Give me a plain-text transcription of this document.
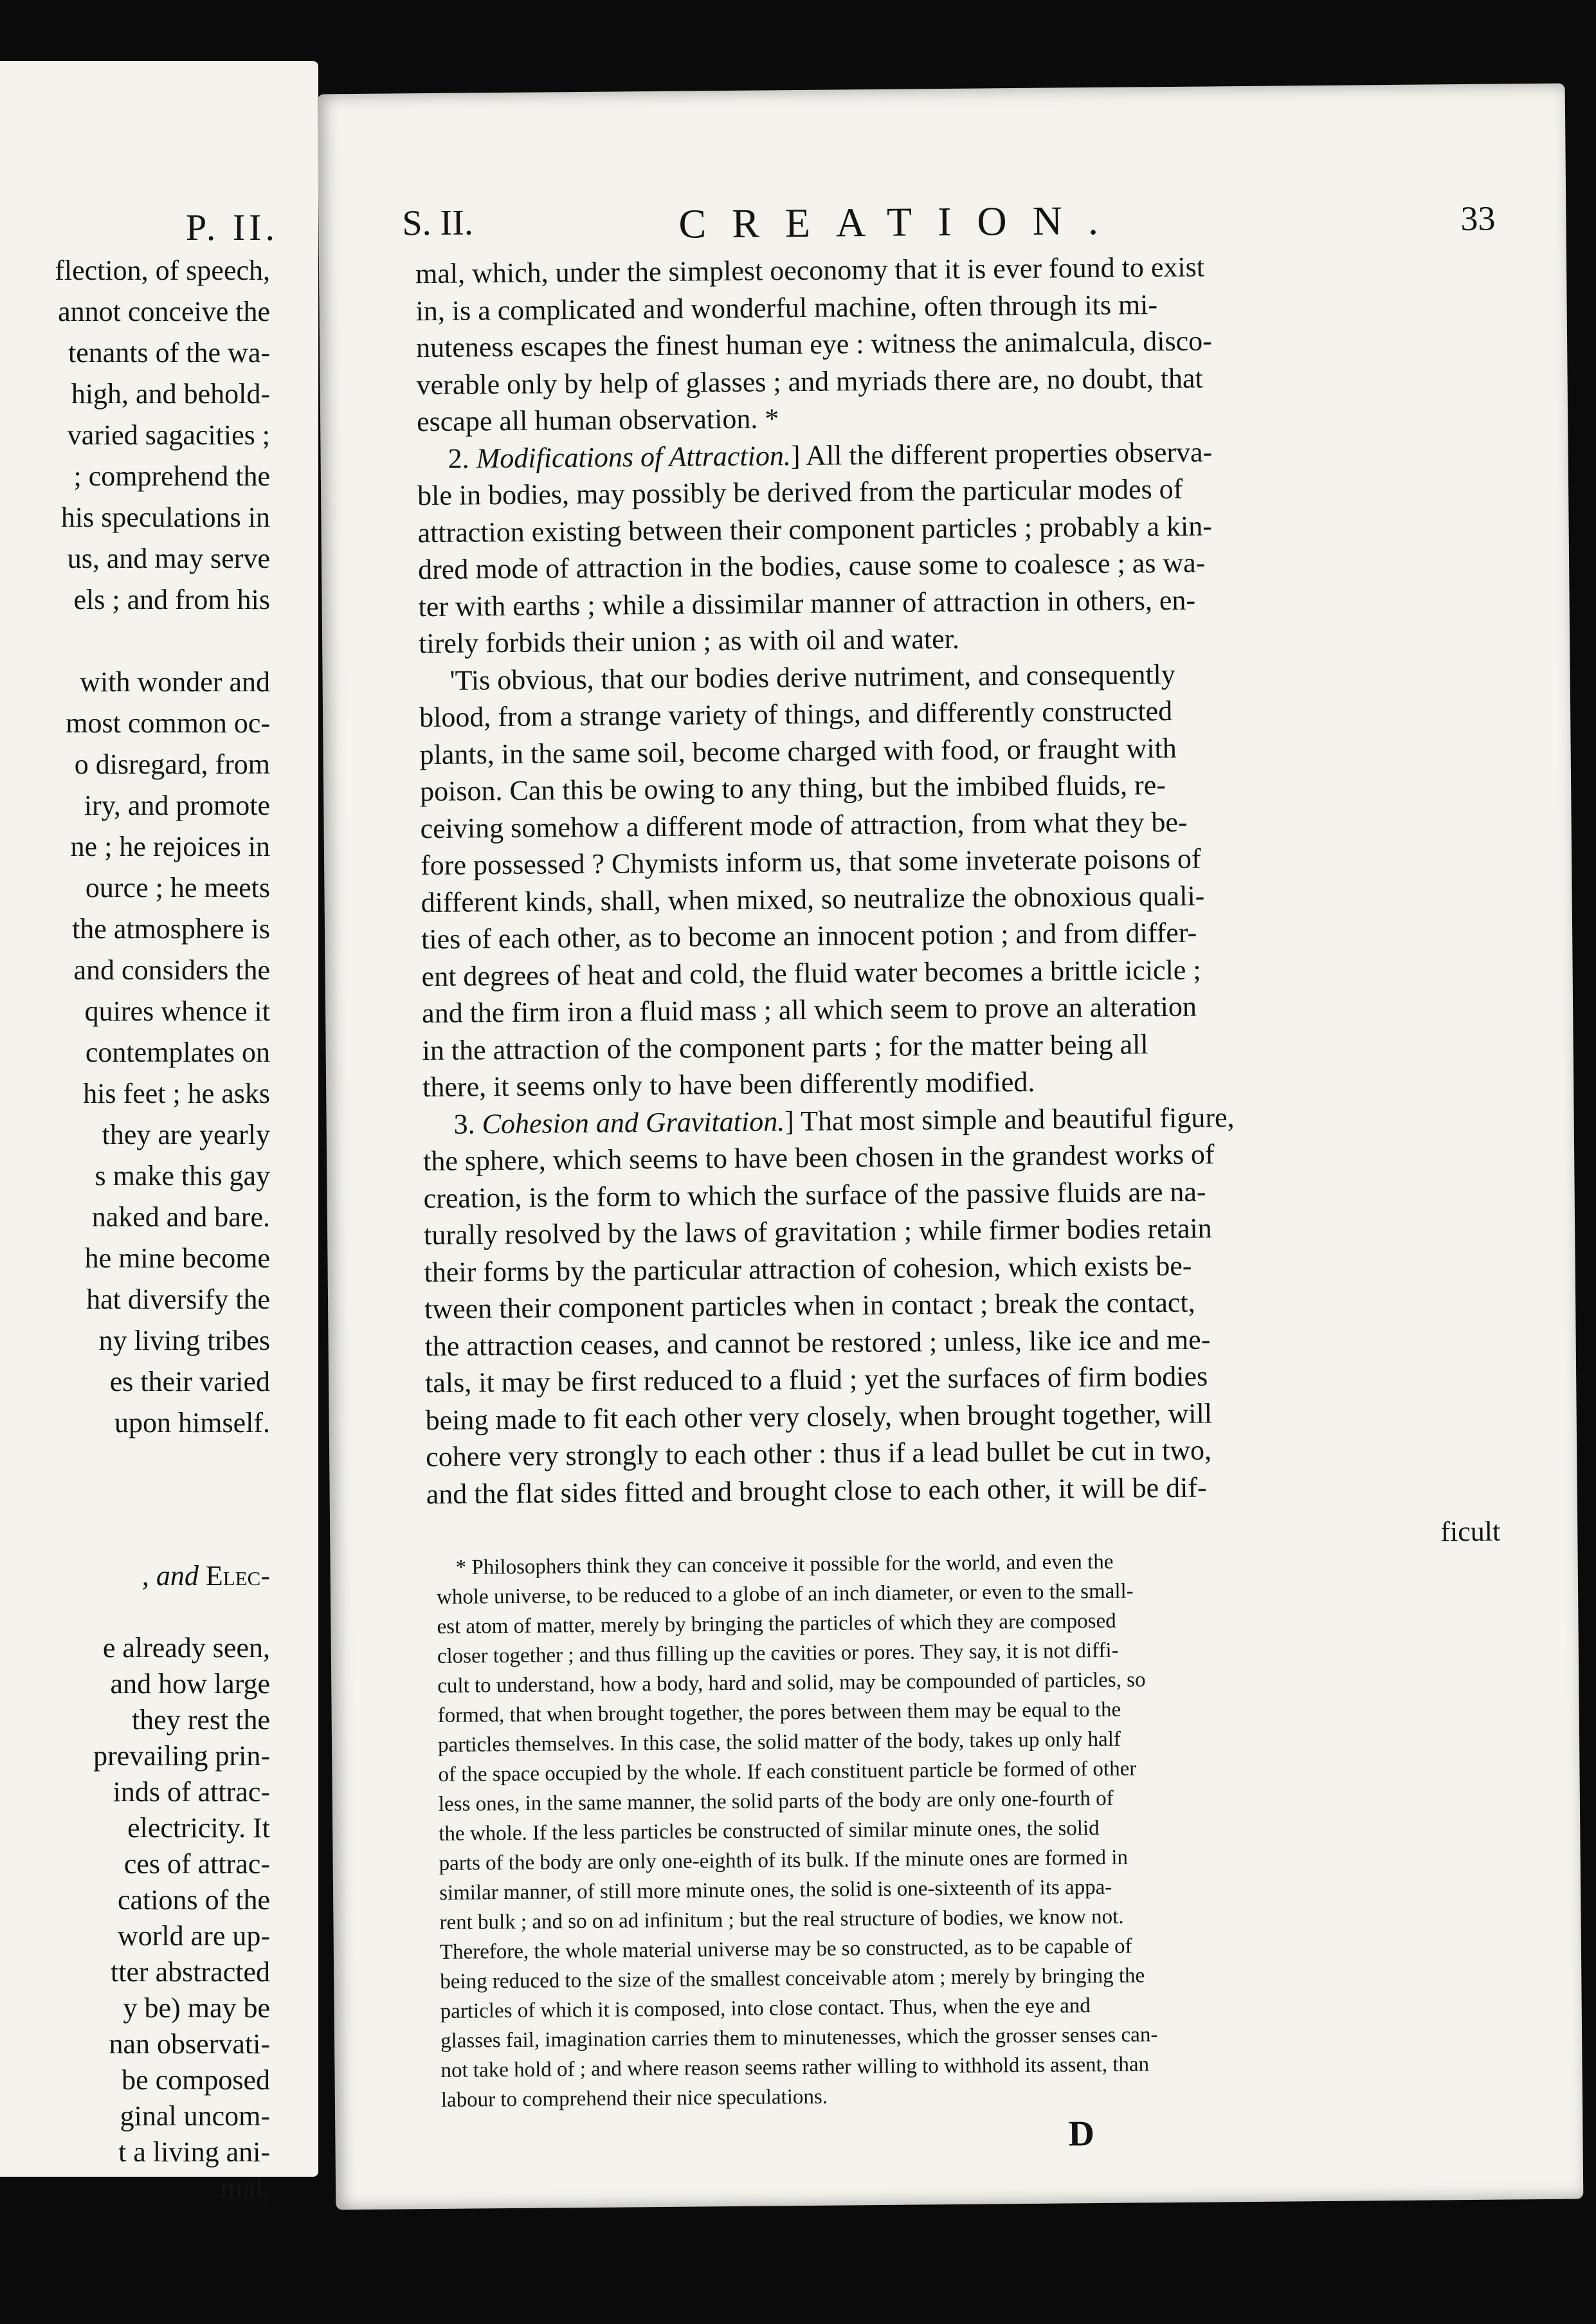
P. II.
flection, of speech,
annot conceive the
tenants of the wa-
high, and behold-
varied sagacities ;
; comprehend the
his speculations in
us, and may serve
els ; and from his
with wonder and
most common oc-
o disregard, from
iry, and promote
ne ; he rejoices in
ource ; he meets
the atmosphere is
and considers the
quires whence it
contemplates on
his feet ; he asks
they are yearly
s make this gay
naked and bare.
he mine become
hat diversify the
ny living tribes
es their varied
upon himself.
, and Elec-
e already seen,
and how large
they rest the
prevailing prin-
inds of attrac-
electricity. It
ces of attrac-
cations of the
world are up-
tter abstracted
y be) may be
nan observati-
be composed
ginal uncom-
t a living ani-
mal,
S. II.	CREATION.	33
mal, which, under the simplest oeconomy that it is ever found to exist
in, is a complicated and wonderful machine, often through its mi-
nuteness escapes the finest human eye : witness the animalcula, disco-
verable only by help of glasses ; and myriads there are, no doubt, that
escape all human observation. *
2. Modifications of Attraction.] All the different properties observa-
ble in bodies, may possibly be derived from the particular modes of
attraction existing between their component particles ; probably a kin-
dred mode of attraction in the bodies, cause some to coalesce ; as wa-
ter with earths ; while a dissimilar manner of attraction in others, en-
tirely forbids their union ; as with oil and water.
'Tis obvious, that our bodies derive nutriment, and consequently
blood, from a strange variety of things, and differently constructed
plants, in the same soil, become charged with food, or fraught with
poison. Can this be owing to any thing, but the imbibed fluids, re-
ceiving somehow a different mode of attraction, from what they be-
fore possessed ? Chymists inform us, that some inveterate poisons of
different kinds, shall, when mixed, so neutralize the obnoxious quali-
ties of each other, as to become an innocent potion ; and from differ-
ent degrees of heat and cold, the fluid water becomes a brittle icicle ;
and the firm iron a fluid mass ; all which seem to prove an alteration
in the attraction of the component parts ; for the matter being all
there, it seems only to have been differently modified.
3. Cohesion and Gravitation.] That most simple and beautiful figure,
the sphere, which seems to have been chosen in the grandest works of
creation, is the form to which the surface of the passive fluids are na-
turally resolved by the laws of gravitation ; while firmer bodies retain
their forms by the particular attraction of cohesion, which exists be-
tween their component particles when in contact ; break the contact,
the attraction ceases, and cannot be restored ; unless, like ice and me-
tals, it may be first reduced to a fluid ; yet the surfaces of firm bodies
being made to fit each other very closely, when brought together, will
cohere very strongly to each other : thus if a lead bullet be cut in two,
and the flat sides fitted and brought close to each other, it will be dif-
ficult
* Philosophers think they can conceive it possible for the world, and even the
whole universe, to be reduced to a globe of an inch diameter, or even to the small-
est atom of matter, merely by bringing the particles of which they are composed
closer together ; and thus filling up the cavities or pores. They say, it is not diffi-
cult to understand, how a body, hard and solid, may be compounded of particles, so
formed, that when brought together, the pores between them may be equal to the
particles themselves. In this case, the solid matter of the body, takes up only half
of the space occupied by the whole. If each constituent particle be formed of other
less ones, in the same manner, the solid parts of the body are only one-fourth of
the whole. If the less particles be constructed of similar minute ones, the solid
parts of the body are only one-eighth of its bulk. If the minute ones are formed in
similar manner, of still more minute ones, the solid is one-sixteenth of its appa-
rent bulk ; and so on ad infinitum ; but the real structure of bodies, we know not.
Therefore, the whole material universe may be so constructed, as to be capable of
being reduced to the size of the smallest conceivable atom ; merely by bringing the
particles of which it is composed, into close contact. Thus, when the eye and
glasses fail, imagination carries them to minutenesses, which the grosser senses can-
not take hold of ; and where reason seems rather willing to withhold its assent, than
labour to comprehend their nice speculations.
D
